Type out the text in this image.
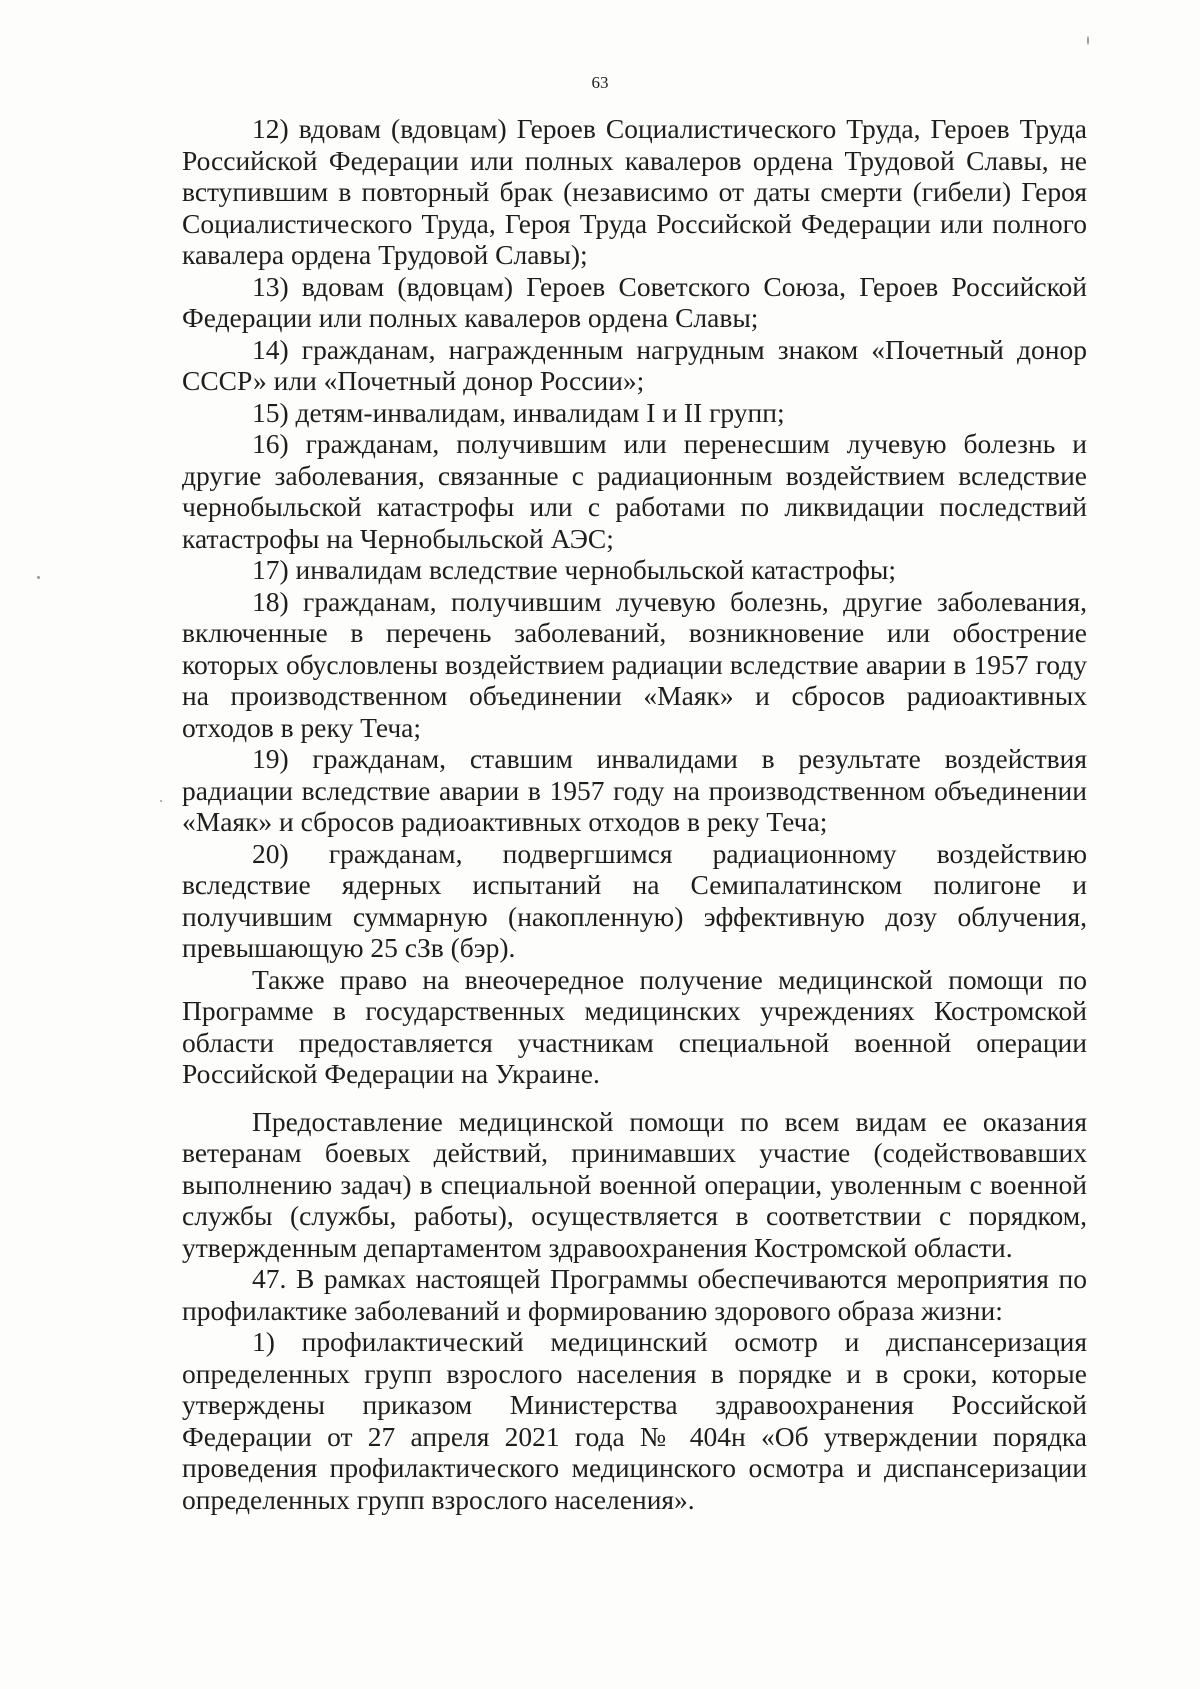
63

12) вдовам (вдовцам) Героев Социалистического Труда, Героев Труда Российской Федерации или полных кавалеров ордена Трудовой Славы, не вступившим в повторный брак (независимо от даты смерти (гибели) Героя Социалистического Труда, Героя Труда Российской Федерации или полного кавалера ордена Трудовой Славы);

13) вдовам (вдовцам) Героев Советского Союза, Героев Российской Федерации или полных кавалеров ордена Славы;

14) гражданам, награжденным нагрудным знаком «Почетный донор СССР» или «Почетный донор России»;

15) детям-инвалидам, инвалидам I и II групп;

16) гражданам, получившим или перенесшим лучевую болезнь и другие заболевания, связанные с радиационным воздействием вследствие чернобыльской катастрофы или с работами по ликвидации последствий катастрофы на Чернобыльской АЭС;

17) инвалидам вследствие чернобыльской катастрофы;

18) гражданам, получившим лучевую болезнь, другие заболевания, включенные в перечень заболеваний, возникновение или обострение которых обусловлены воздействием радиации вследствие аварии в 1957 году на производственном объединении «Маяк» и сбросов радиоактивных отходов в реку Теча;

19) гражданам, ставшим инвалидами в результате воздействия радиации вследствие аварии в 1957 году на производственном объединении «Маяк» и сбросов радиоактивных отходов в реку Теча;

20) гражданам, подвергшимся радиационному воздействию вследствие ядерных испытаний на Семипалатинском полигоне и получившим суммарную (накопленную) эффективную дозу облучения, превышающую 25 сЗв (бэр).

Также право на внеочередное получение медицинской помощи по Программе в государственных медицинских учреждениях Костромской области предоставляется участникам специальной военной операции Российской Федерации на Украине.

Предоставление медицинской помощи по всем видам ее оказания ветеранам боевых действий, принимавших участие (содействовавших выполнению задач) в специальной военной операции, уволенным с военной службы (службы, работы), осуществляется в соответствии с порядком, утвержденным департаментом здравоохранения Костромской области.

47. В рамках настоящей Программы обеспечиваются мероприятия по профилактике заболеваний и формированию здорового образа жизни:

1) профилактический медицинский осмотр и диспансеризация определенных групп взрослого населения в порядке и в сроки, которые утверждены приказом Министерства здравоохранения Российской Федерации от 27 апреля 2021 года № 404н «Об утверждении порядка проведения профилактического медицинского осмотра и диспансеризации определенных групп взрослого населения».
